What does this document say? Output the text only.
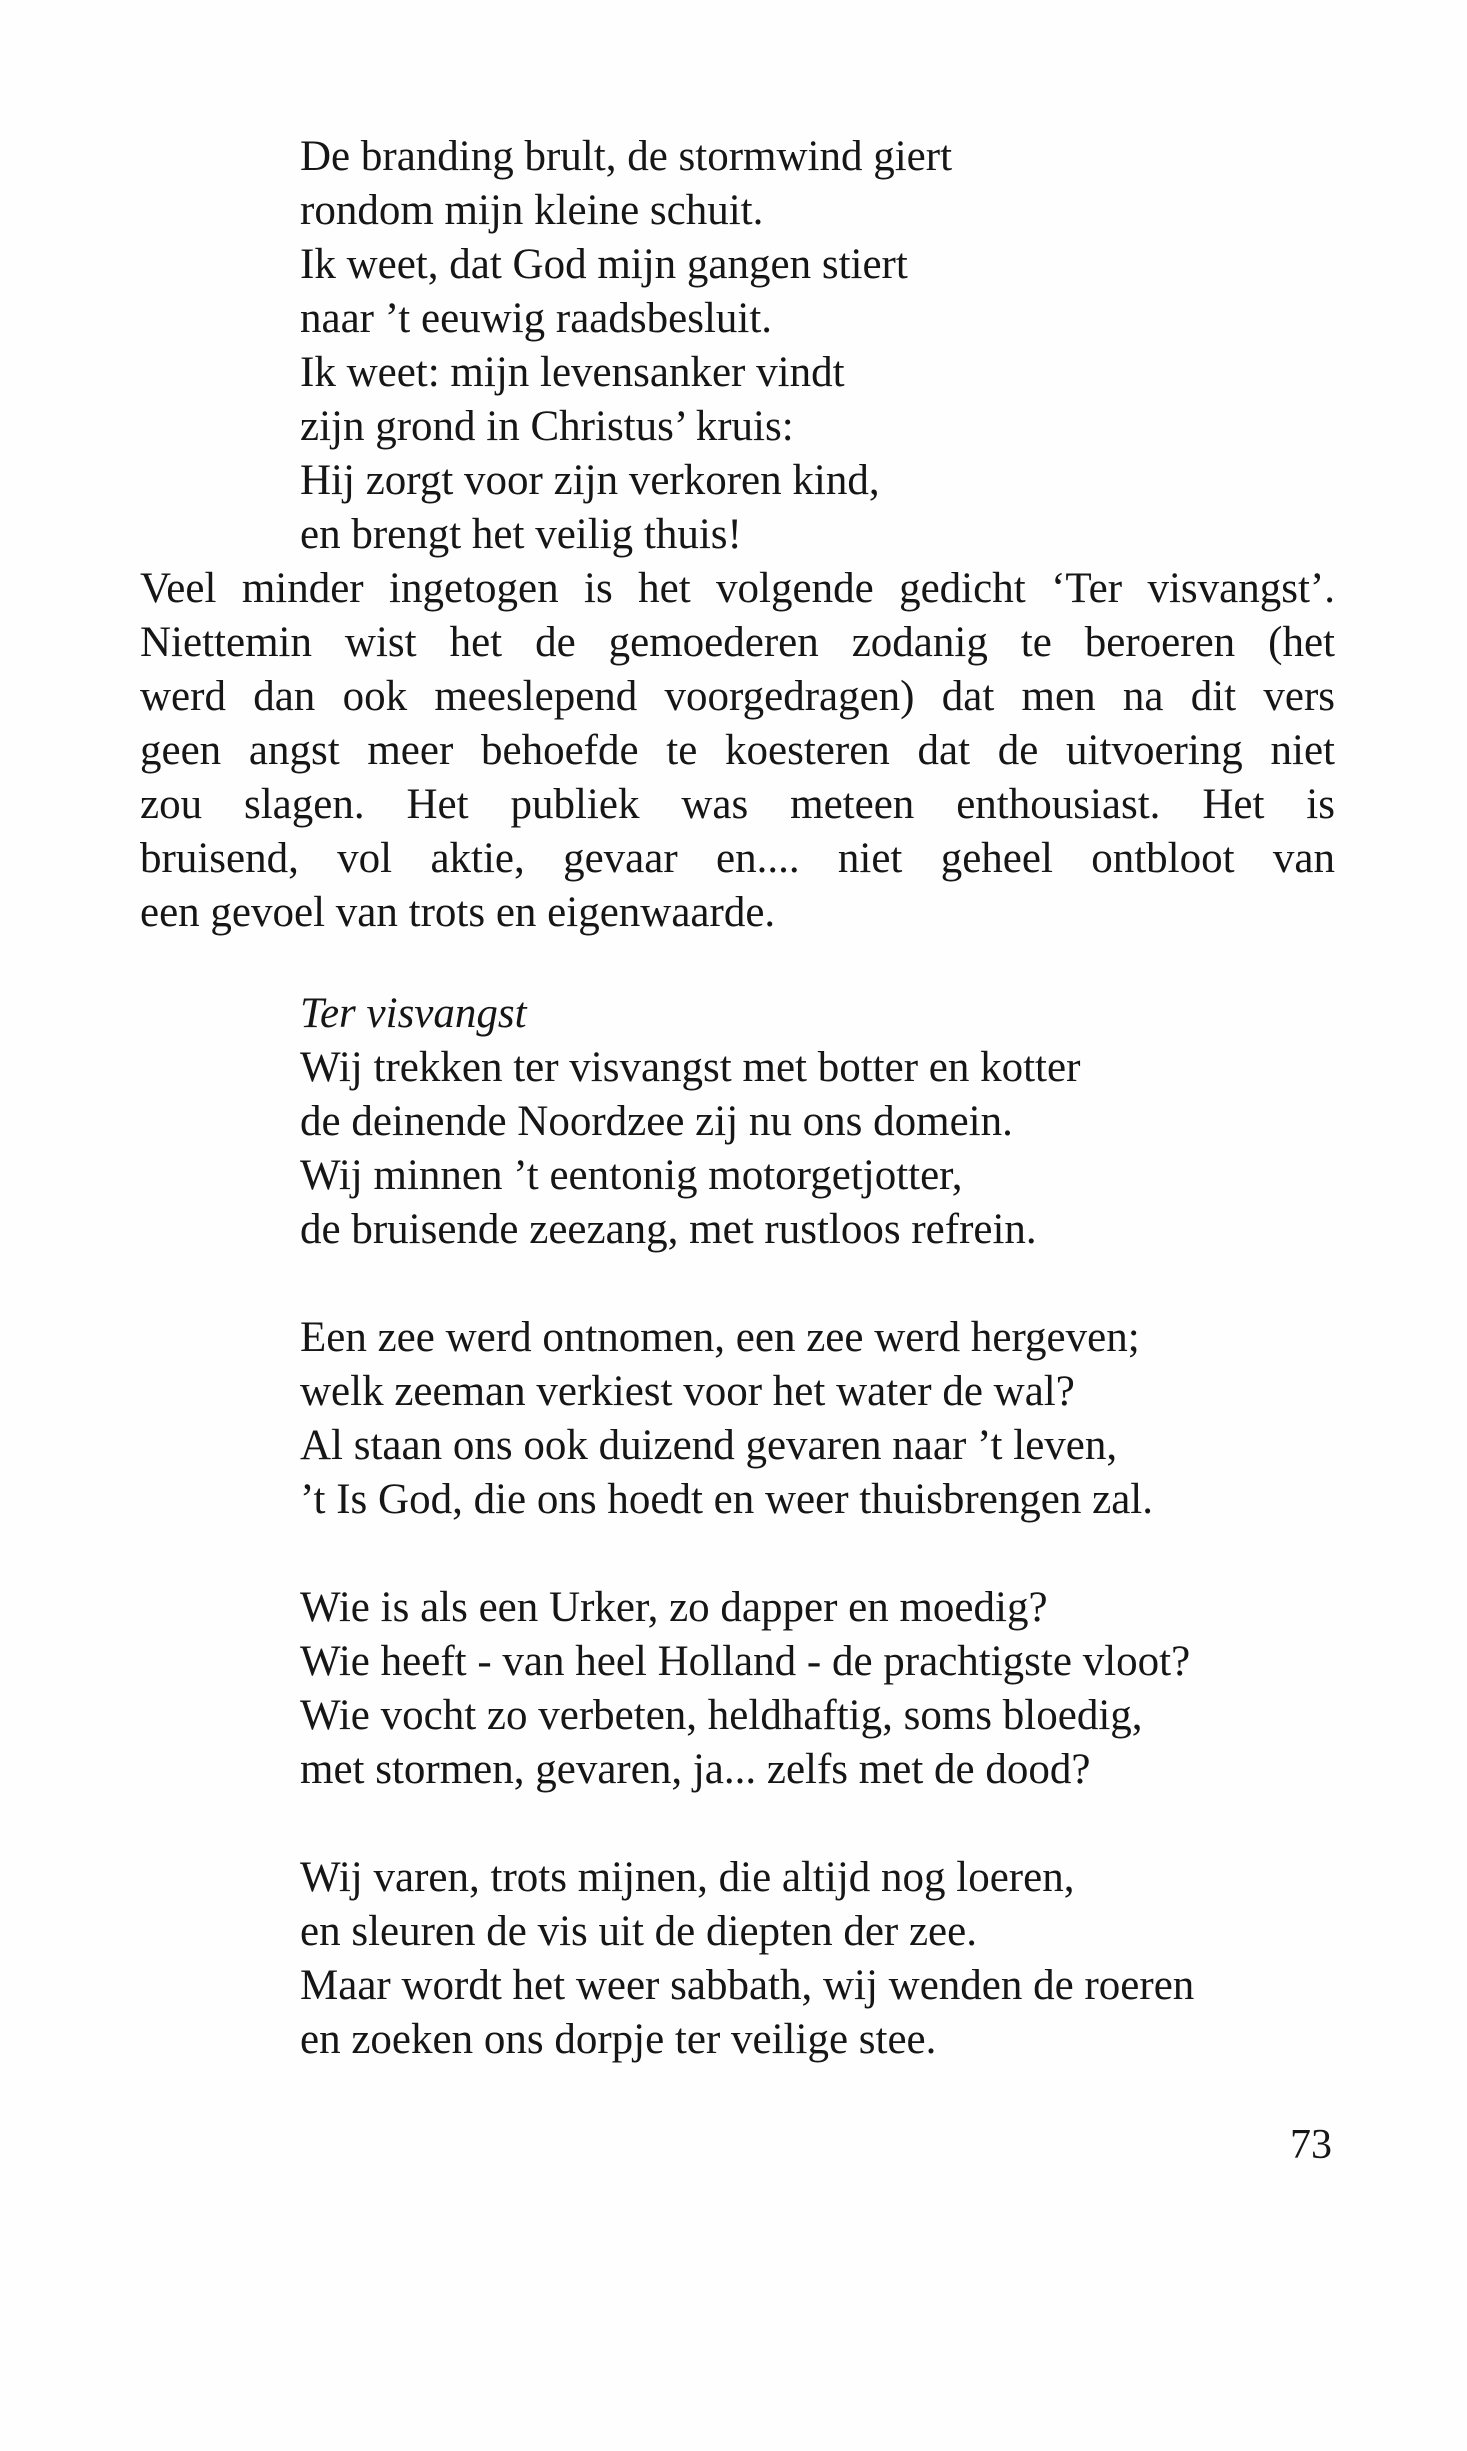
De branding brult, de stormwind giert

rondom mijn kleine schuit.

Ik weet, dat God mijn gangen stiert

naar ’t eeuwig raadsbesluit.

Ik weet: mijn levensanker vindt

zijn grond in Christus’ kruis:

Hij zorgt voor zijn verkoren kind,

en brengt het veilig thuis!

Veel minder ingetogen is het volgende gedicht ‘Ter visvangst’.

Niettemin wist het de gemoederen zodanig te beroeren (het

werd dan ook meeslepend voorgedragen) dat men na dit vers

geen angst meer behoefde te koesteren dat de uitvoering niet

zou slagen. Het publiek was meteen enthousiast. Het is

bruisend, vol aktie, gevaar en.... niet geheel ontbloot van

een gevoel van trots en eigenwaarde.

Ter visvangst

Wij trekken ter visvangst met botter en kotter

de deinende Noordzee zij nu ons domein.

Wij minnen ’t eentonig motorgetjotter,

de bruisende zeezang, met rustloos refrein.

Een zee werd ontnomen, een zee werd hergeven;

welk zeeman verkiest voor het water de wal?

Al staan ons ook duizend gevaren naar ’t leven,

’t Is God, die ons hoedt en weer thuisbrengen zal.

Wie is als een Urker, zo dapper en moedig?

Wie heeft - van heel Holland - de prachtigste vloot?

Wie vocht zo verbeten, heldhaftig, soms bloedig,

met stormen, gevaren, ja... zelfs met de dood?

Wij varen, trots mijnen, die altijd nog loeren,

en sleuren de vis uit de diepten der zee.

Maar wordt het weer sabbath, wij wenden de roeren

en zoeken ons dorpje ter veilige stee.

73
